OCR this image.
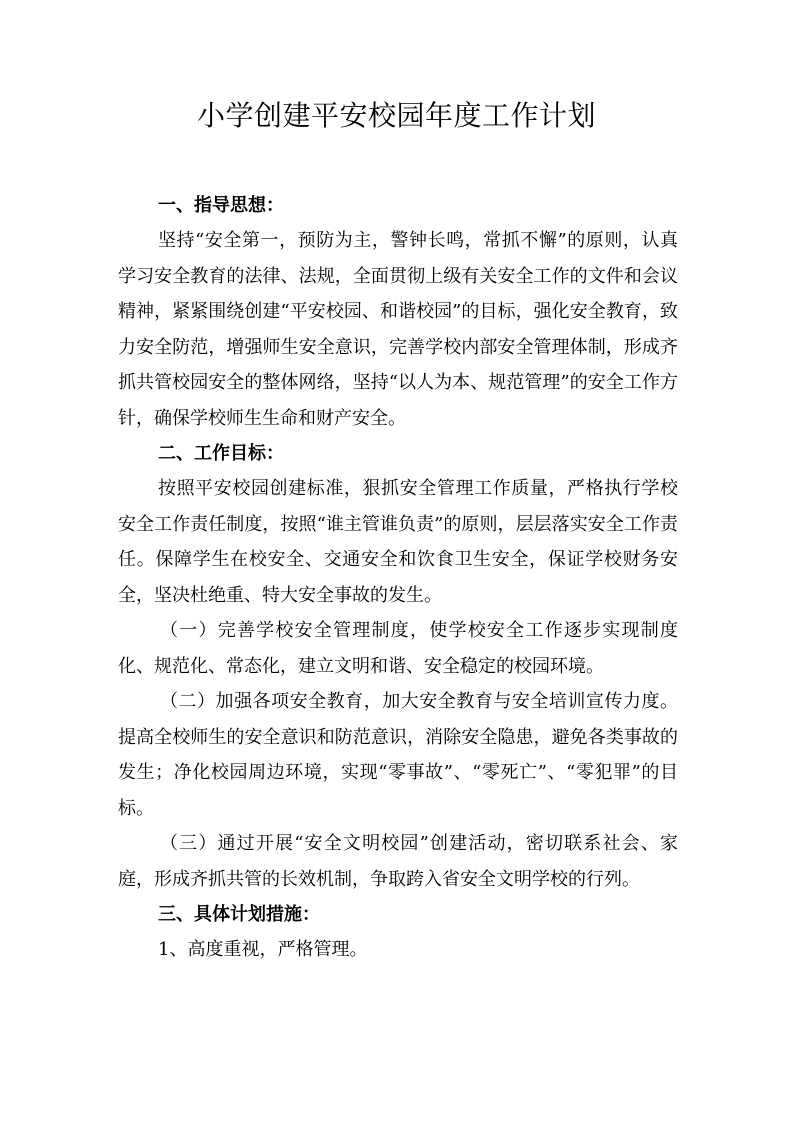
小学创建平安校园年度工作计划

一、指导思想：

坚持“安全第一，预防为主，警钟长鸣，常抓不懈”的原则，认真学习安全教育的法律、法规，全面贯彻上级有关安全工作的文件和会议精神，紧紧围绕创建“平安校园、和谐校园”的目标，强化安全教育，致力安全防范，增强师生安全意识，完善学校内部安全管理体制，形成齐抓共管校园安全的整体网络，坚持“以人为本、规范管理”的安全工作方针，确保学校师生生命和财产安全。

二、工作目标：

按照平安校园创建标准，狠抓安全管理工作质量，严格执行学校安全工作责任制度，按照“谁主管谁负责”的原则，层层落实安全工作责任。保障学生在校安全、交通安全和饮食卫生安全，保证学校财务安全，坚决杜绝重、特大安全事故的发生。

（一）完善学校安全管理制度，使学校安全工作逐步实现制度化、规范化、常态化，建立文明和谐、安全稳定的校园环境。

（二）加强各项安全教育，加大安全教育与安全培训宣传力度。提高全校师生的安全意识和防范意识，消除安全隐患，避免各类事故的发生；净化校园周边环境，实现“零事故”、“零死亡”、“零犯罪”的目标。

（三）通过开展“安全文明校园”创建活动，密切联系社会、家庭，形成齐抓共管的长效机制，争取跨入省安全文明学校的行列。

三、具体计划措施：

1、高度重视，严格管理。
